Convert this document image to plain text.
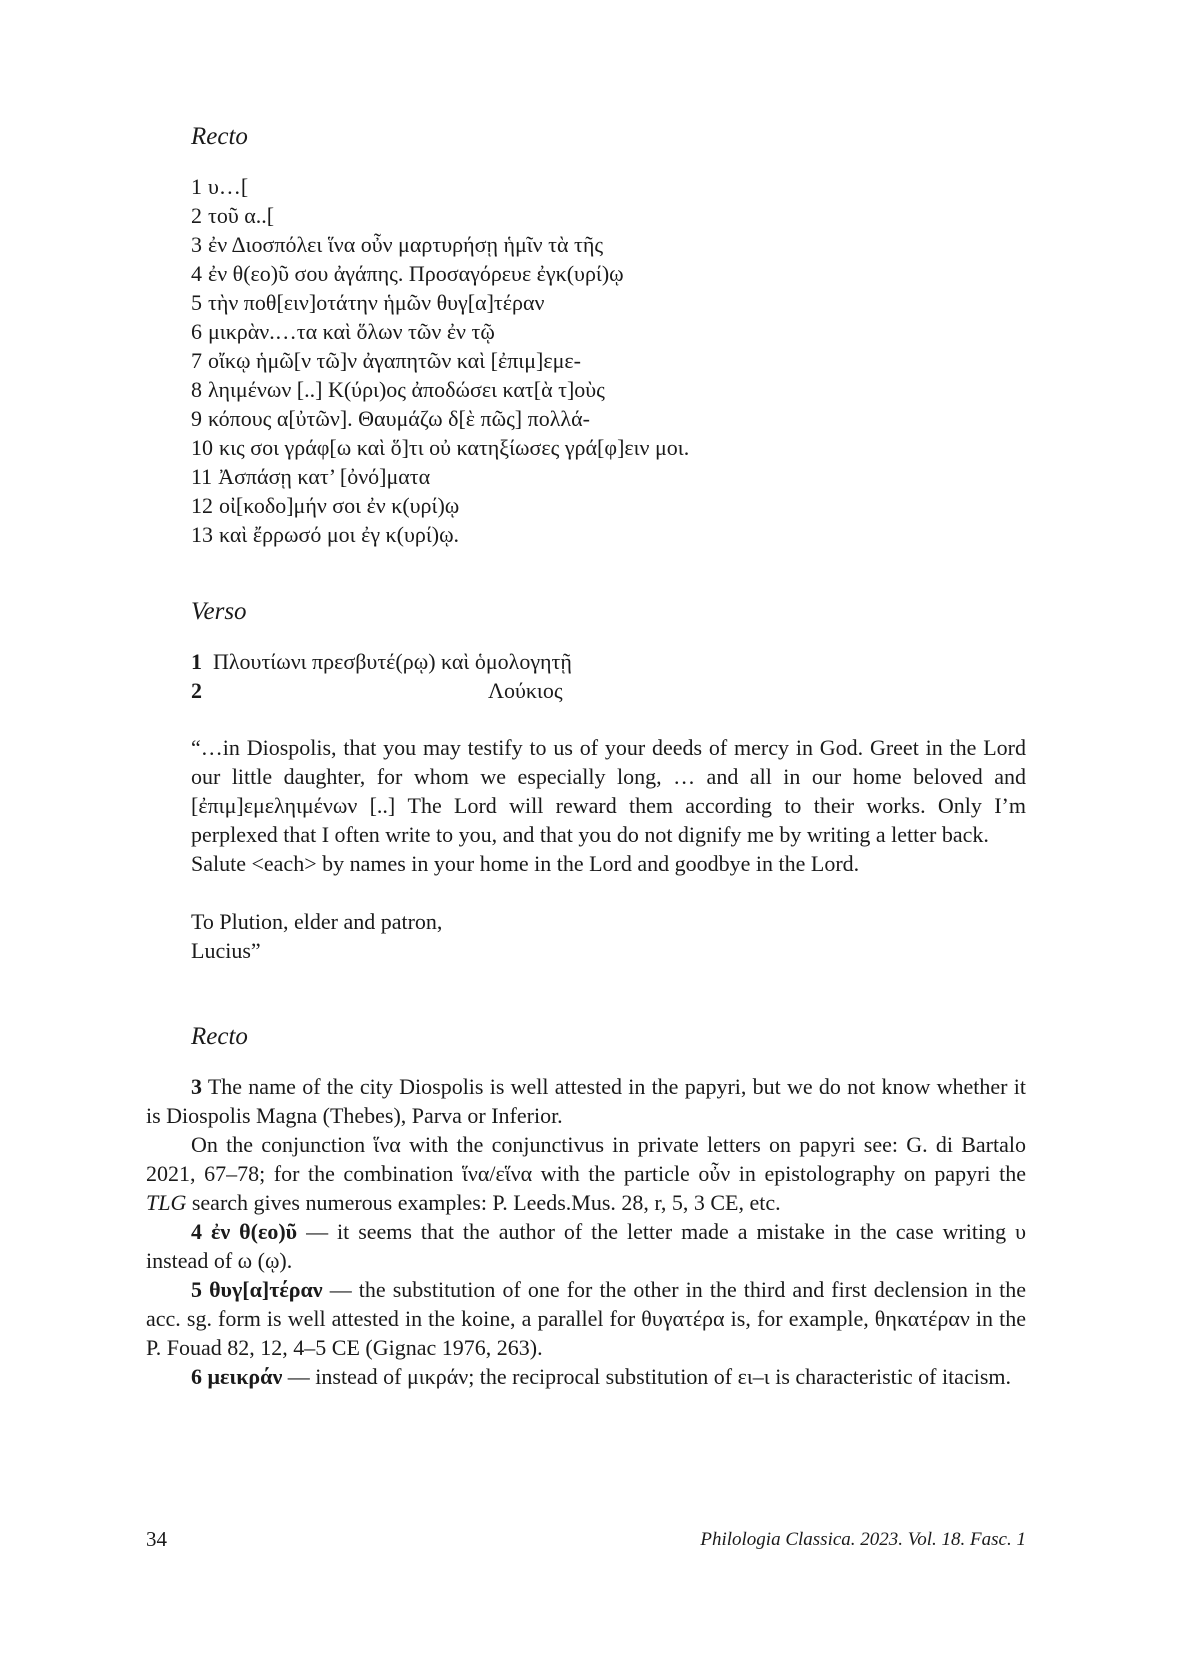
Recto
1 υ…[
2 τοῦ α..[
3 ἐν Διοσπόλει ἵνα οὖν μαρτυρήσῃ ἡμῖν τὰ τῆς
4 ἐν θ(εο)ῦ σου ἀγάπης. Προσαγόρευε ἐγκ(υρί)ῳ
5 τὴν ποθ[ειν]οτάτην ἡμῶν θυγ[α]τέραν
6 μικρὰν.…τα καὶ ὅλων τῶν ἐν τῷ
7 οἴκῳ ἡμῶ[ν τῶ]ν ἀγαπητῶν καὶ [ἐπιμ]εμε-
8 ληιμένων [..] Κ(ύρι)ος ἀποδώσει κατ[ὰ τ]οὺς
9 κόπους α[ὐτῶν]. Θαυμάζω δ[ὲ πῶς] πολλά-
10 κις σοι γράφ[ω καὶ ὅ]τι οὐ κατηξίωσες γρά[φ]ειν μοι.
11 Ἀσπάσῃ κατ’ [ὀνό]ματα
12 οἰ[κοδο]μήν σοι ἐν κ(υρί)ῳ
13 καὶ ἔρρωσό μοι ἐγ κ(υρί)ῳ.
Verso
1 Πλουτίωνι πρεσβυτέ(ρῳ) καὶ ὁμολογητῇ
2	Λούκιος

“…in Diospolis, that you may testify to us of your deeds of mercy in God. Greet in the Lord our little daughter, for whom we especially long, … and all in our home beloved and [ἐπιμ]εμεληιμένων [..] The Lord will reward them according to their works. Only I’m perplexed that I often write to you, and that you do not dignify me by writing a letter back.

Salute <each> by names in your home in the Lord and goodbye in the Lord.

To Plution, elder and patron,

Lucius”

Recto

3 The name of the city Diospolis is well attested in the papyri, but we do not know whether it is Diospolis Magna (Thebes), Parva or Inferior.

On the conjunction ἵνα with the conjunctivus in private letters on papyri see: G. di Bartalo 2021, 67–78; for the combination ἵνα/εἵνα with the particle οὖν in epistolography on papyri the TLG search gives numerous examples: P. Leeds.Mus. 28, r, 5, 3 CE, etc.

4 ἐν θ(εο)ῦ — it seems that the author of the letter made a mistake in the case writing υ instead of ω (ῳ).

5 θυγ[α]τέραν — the substitution of one for the other in the third and first declension in the acc. sg. form is well attested in the koine, a parallel for θυγατέρα is, for example, θηκατέραν in the P. Fouad 82, 12, 4–5 CE (Gignac 1976, 263).

6 μεικράν — instead of μικράν; the reciprocal substitution of ει–ι is characteristic of itacism.

34	Philologia Classica. 2023. Vol. 18. Fasc. 1
